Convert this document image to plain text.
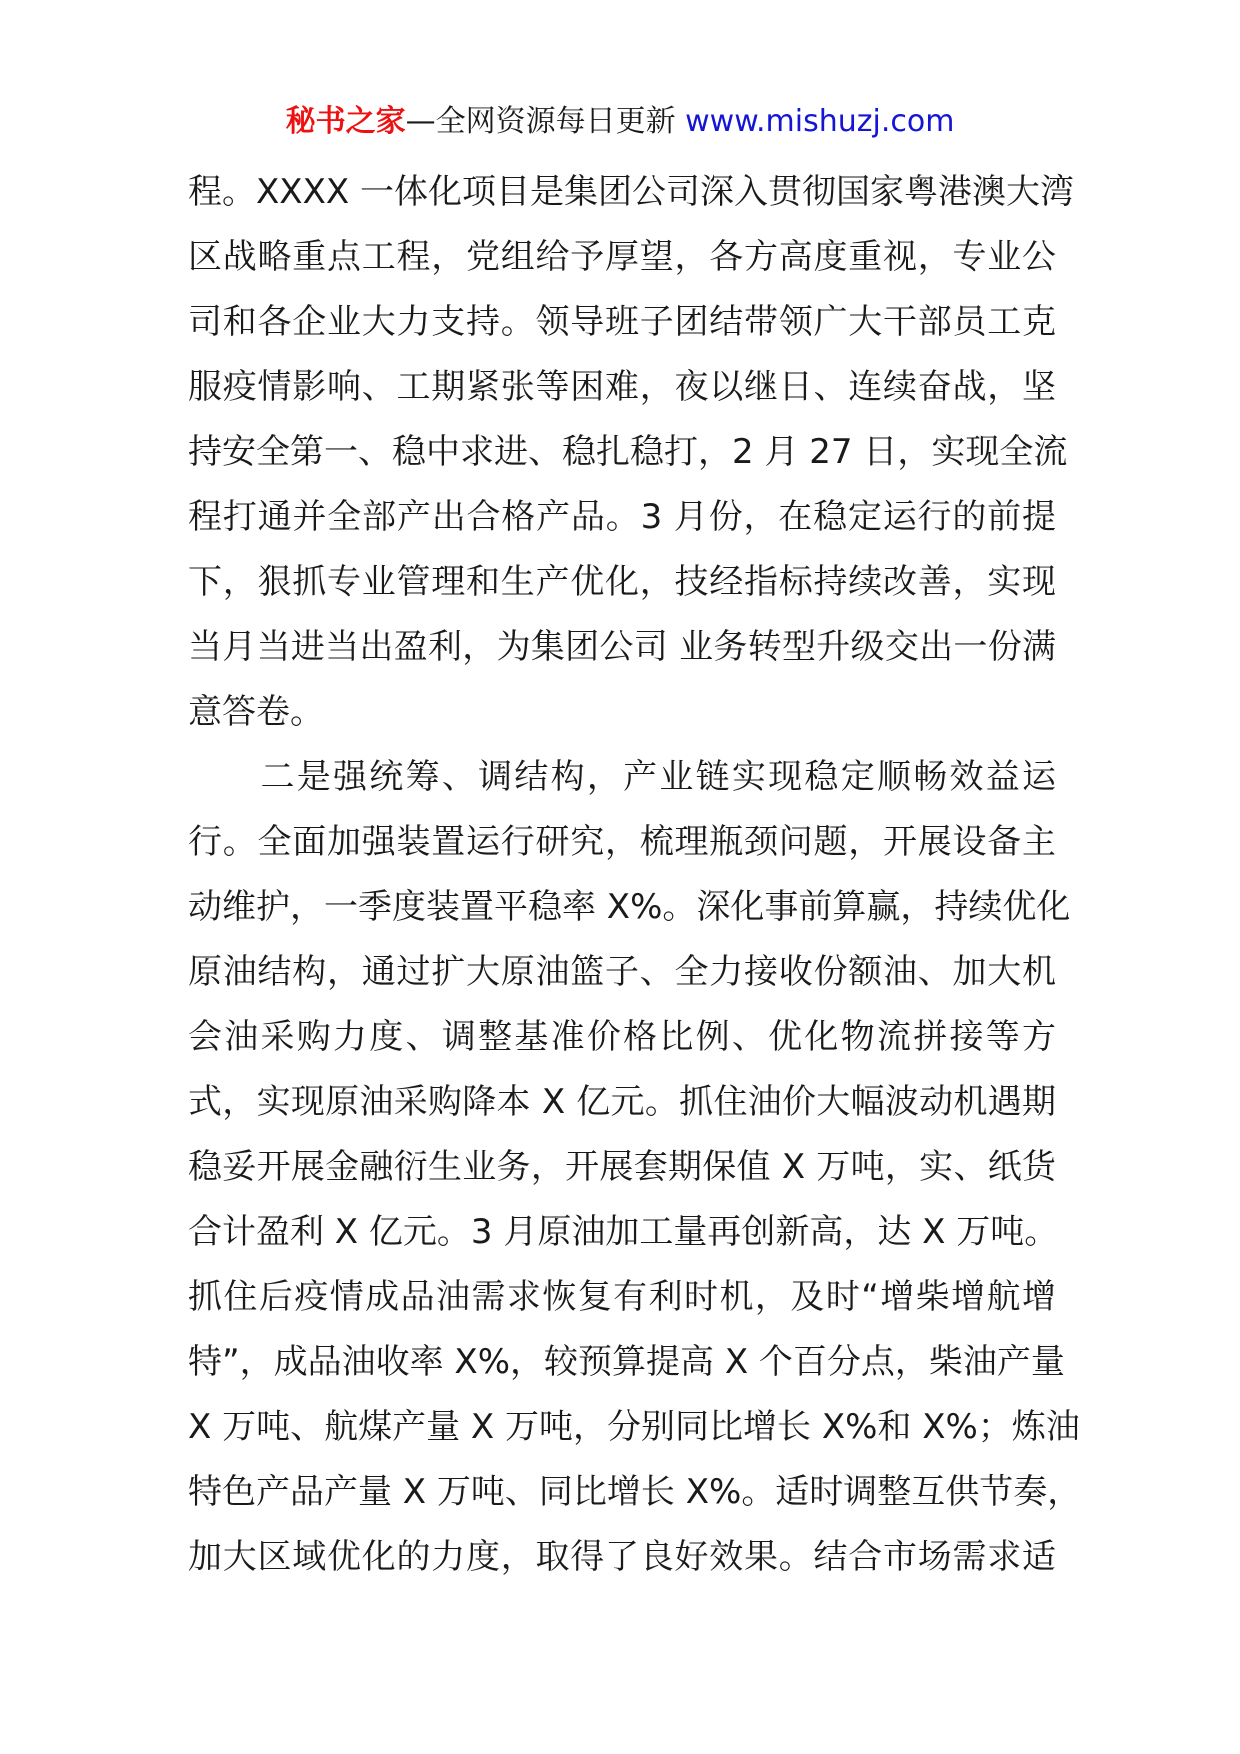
秘书之家—全网资源每日更新 www.mishuzj.com
程。XXXX 一体化项目是集团公司深入贯彻国家粤港澳大湾
区战略重点工程，党组给予厚望，各方高度重视，专业公
司和各企业大力支持。领导班子团结带领广大干部员工克
服疫情影响、工期紧张等困难，夜以继日、连续奋战，坚
持安全第一、稳中求进、稳扎稳打，2 月 27 日，实现全流
程打通并全部产出合格产品。3 月份，在稳定运行的前提
下，狠抓专业管理和生产优化，技经指标持续改善，实现
当月当进当出盈利，为集团公司 业务转型升级交出一份满
意答卷。
　　二是强统筹、调结构，产业链实现稳定顺畅效益运
行。全面加强装置运行研究，梳理瓶颈问题，开展设备主
动维护，一季度装置平稳率 X%。深化事前算赢，持续优化
原油结构，通过扩大原油篮子、全力接收份额油、加大机
会油采购力度、调整基准价格比例、优化物流拼接等方
式，实现原油采购降本 X 亿元。抓住油价大幅波动机遇期
稳妥开展金融衍生业务，开展套期保值 X 万吨，实、纸货
合计盈利 X 亿元。3 月原油加工量再创新高，达 X 万吨。
抓住后疫情成品油需求恢复有利时机，及时“增柴增航增
特”，成品油收率 X%，较预算提高 X 个百分点，柴油产量
X 万吨、航煤产量 X 万吨，分别同比增长 X%和 X%；炼油
特色产品产量 X 万吨、同比增长 X%。适时调整互供节奏，
加大区域优化的力度，取得了良好效果。结合市场需求适
